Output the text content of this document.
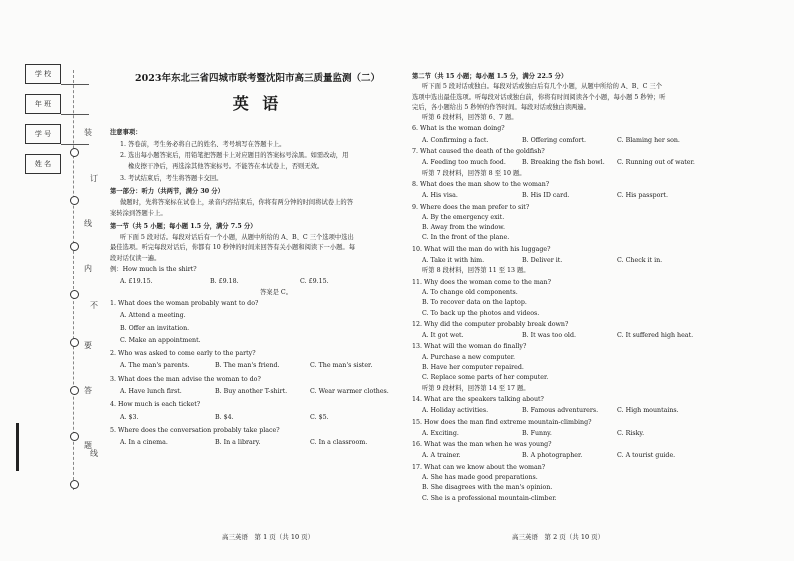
学 校
年 班
学 号
姓 名
装
订
线
内
不
要
答
题
线

2023年东北三省四城市联考暨沈阳市高三质量监测（二）

英 语

注意事项：

1. 答卷前，考生务必将自己的姓名、考号填写在答题卡上。

2. 选出每小题答案后，用铅笔把答题卡上对应题目的答案标号涂黑。如需改动，用

橡皮擦干净后，再选涂其他答案标号。不能答在本试卷上，否则无效。

3. 考试结束后，考生将答题卡交回。

第一部分：听力（共两节，满分 30 分）

做题时，先将答案标在试卷上，录音内容结束后，你将有两分钟的时间将试卷上的答

案转涂到答题卡上。

第一节（共 5 小题；每小题 1.5 分，满分 7.5 分）

听下面 5 段对话。每段对话后有一个小题，从题中所给的 A、B、C 三个选项中选出

最佳选项。听完每段对话后，你都有 10 秒钟的时间来回答有关小题和阅读下一小题。每

段对话仅读一遍。

例：How much is the shirt?

A. £19.15.	B. £9.18.	C. £9.15.

答案是 C。

1. What does the woman probably want to do?

A. Attend a meeting.

B. Offer an invitation.

C. Make an appointment.

2. Who was asked to come early to the party?

A. The man's parents.	B. The man's friend.	C. The man's sister.

3. What does the man advise the woman to do?

A. Have lunch first.	B. Buy another T-shirt.	C. Wear warmer clothes.

4. How much is each ticket?

A. $3.	B. $4.	C. $5.

5. Where does the conversation probably take place?

A. In a cinema.	B. In a library.	C. In a classroom.

第二节（共 15 小题；每小题 1.5 分，满分 22.5 分）

听下面 5 段对话或独白。每段对话或独白后有几个小题，从题中所给的 A、B、C 三个

选项中选出最佳选项。听每段对话或独白前，你将有时间阅读各个小题，每小题 5 秒钟；听

完后，各小题给出 5 秒钟的作答时间。每段对话或独白读两遍。

听第 6 段材料，回答第 6、7 题。

6. What is the woman doing?

A. Confirming a fact.	B. Offering comfort.	C. Blaming her son.

7. What caused the death of the goldfish?

A. Feeding too much food.	B. Breaking the fish bowl.	C. Running out of water.

听第 7 段材料，回答第 8 至 10 题。

8. What does the man show to the woman?

A. His visa.	B. His ID card.	C. His passport.

9. Where does the man prefer to sit?

A. By the emergency exit.

B. Away from the window.

C. In the front of the plane.

10. What will the man do with his luggage?

A. Take it with him.	B. Deliver it.	C. Check it in.

听第 8 段材料，回答第 11 至 13 题。

11. Why does the woman come to the man?

A. To change old components.

B. To recover data on the laptop.

C. To back up the photos and videos.

12. Why did the computer probably break down?

A. It got wet.	B. It was too old.	C. It suffered high heat.

13. What will the woman do finally?

A. Purchase a new computer.

B. Have her computer repaired.

C. Replace some parts of her computer.

听第 9 段材料，回答第 14 至 17 题。

14. What are the speakers talking about?

A. Holiday activities.	B. Famous adventurers.	C. High mountains.

15. How does the man find extreme mountain-climbing?

A. Exciting.	B. Funny.	C. Risky.

16. What was the man when he was young?

A. A trainer.	B. A photographer.	C. A tourist guide.

17. What can we know about the woman?

A. She has made good preparations.

B. She disagrees with the man's opinion.

C. She is a professional mountain-climber.

高三英语　第 1 页（共 10 页）	高三英语　第 2 页（共 10 页）
